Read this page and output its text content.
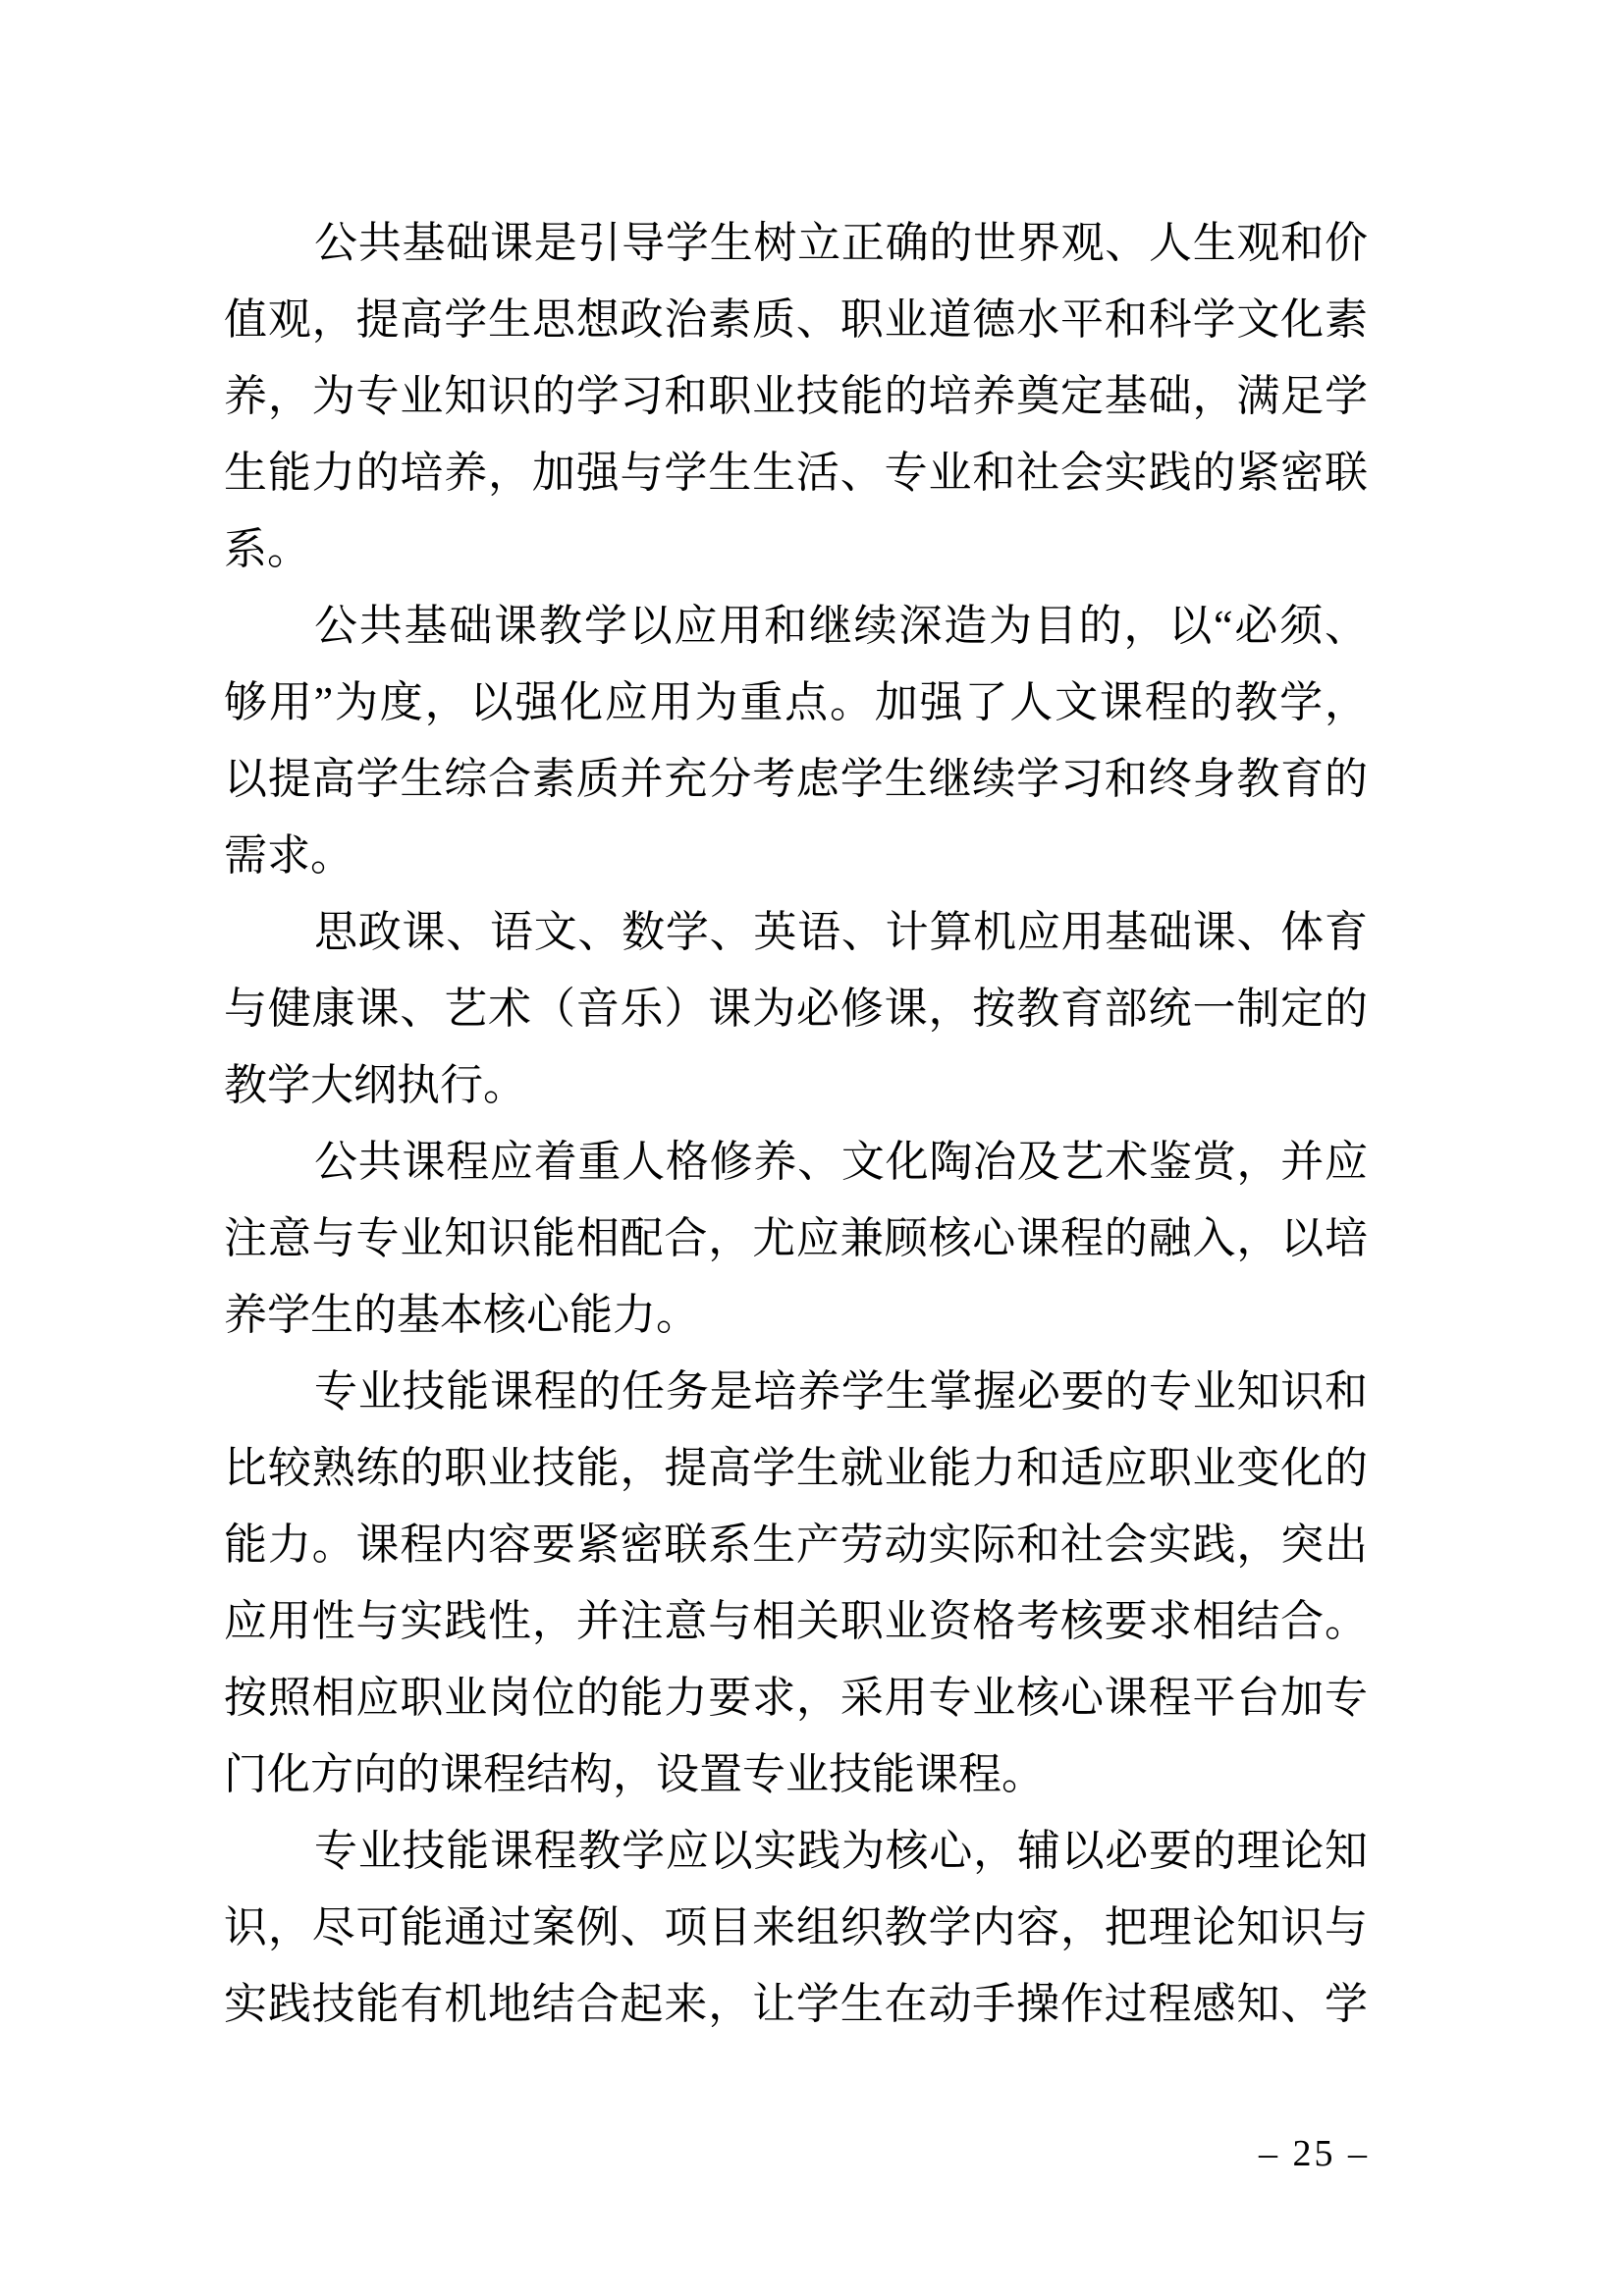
公共基础课是引导学生树立正确的世界观、人生观和价
值观，提高学生思想政治素质、职业道德水平和科学文化素
养，为专业知识的学习和职业技能的培养奠定基础，满足学
生能力的培养，加强与学生生活、专业和社会实践的紧密联
系。
公共基础课教学以应用和继续深造为目的，以“必须、
够用”为度，以强化应用为重点。加强了人文课程的教学，
以提高学生综合素质并充分考虑学生继续学习和终身教育的
需求。
思政课、语文、数学、英语、计算机应用基础课、体育
与健康课、艺术（音乐）课为必修课，按教育部统一制定的
教学大纲执行。
公共课程应着重人格修养、文化陶冶及艺术鉴赏，并应
注意与专业知识能相配合，尤应兼顾核心课程的融入，以培
养学生的基本核心能力。
专业技能课程的任务是培养学生掌握必要的专业知识和
比较熟练的职业技能，提高学生就业能力和适应职业变化的
能力。课程内容要紧密联系生产劳动实际和社会实践，突出
应用性与实践性，并注意与相关职业资格考核要求相结合。
按照相应职业岗位的能力要求，采用专业核心课程平台加专
门化方向的课程结构，设置专业技能课程。
专业技能课程教学应以实践为核心，辅以必要的理论知
识，尽可能通过案例、项目来组织教学内容，把理论知识与
实践技能有机地结合起来，让学生在动手操作过程感知、学
– 25 –
